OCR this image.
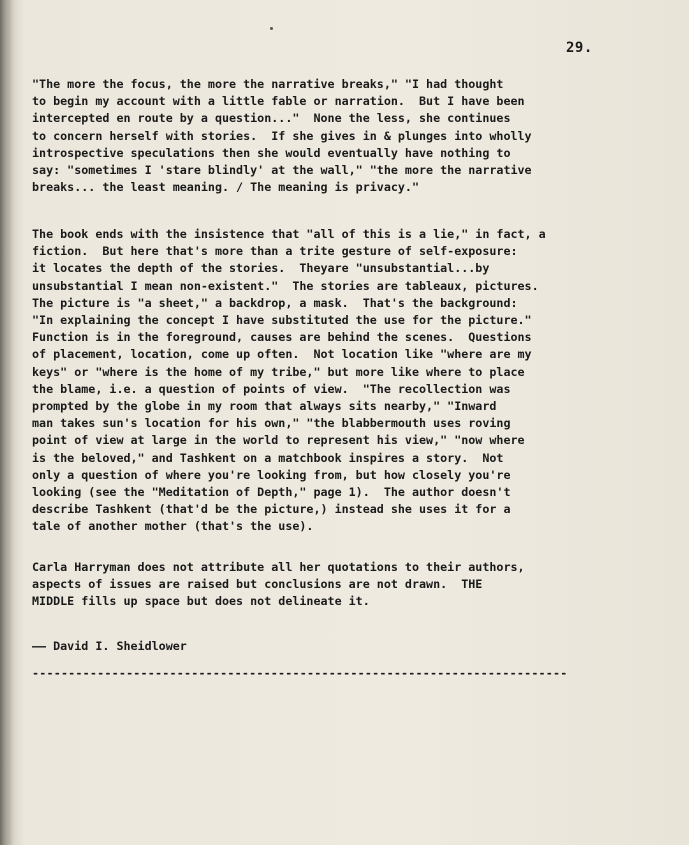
29.
"The more the focus, the more the narrative breaks," "I had thought
to begin my account with a little fable or narration.  But I have been
intercepted en route by a question..."  None the less, she continues
to concern herself with stories.  If she gives in & plunges into wholly
introspective speculations then she would eventually have nothing to
say: "sometimes I 'stare blindly' at the wall," "the more the narrative
breaks... the least meaning. / The meaning is privacy."
The book ends with the insistence that "all of this is a lie," in fact, a
fiction.  But here that's more than a trite gesture of self-exposure:
it locates the depth of the stories.  Theyare "unsubstantial...by
unsubstantial I mean non-existent."  The stories are tableaux, pictures.
The picture is "a sheet," a backdrop, a mask.  That's the background:
"In explaining the concept I have substituted the use for the picture."
Function is in the foreground, causes are behind the scenes.  Questions
of placement, location, come up often.  Not location like "where are my
keys" or "where is the home of my tribe," but more like where to place
the blame, i.e. a question of points of view.  "The recollection was
prompted by the globe in my room that always sits nearby," "Inward
man takes sun's location for his own," "the blabbermouth uses roving
point of view at large in the world to represent his view," "now where
is the beloved," and Tashkent on a matchbook inspires a story.  Not
only a question of where you're looking from, but how closely you're
looking (see the "Meditation of Depth," page 1).  The author doesn't
describe Tashkent (that'd be the picture,) instead she uses it for a
tale of another mother (that's the use).
Carla Harryman does not attribute all her quotations to their authors,
aspects of issues are raised but conclusions are not drawn.  THE
MIDDLE fills up space but does not delineate it.
—— David I. Sheidlower
--------------------------------------------------------------------------
